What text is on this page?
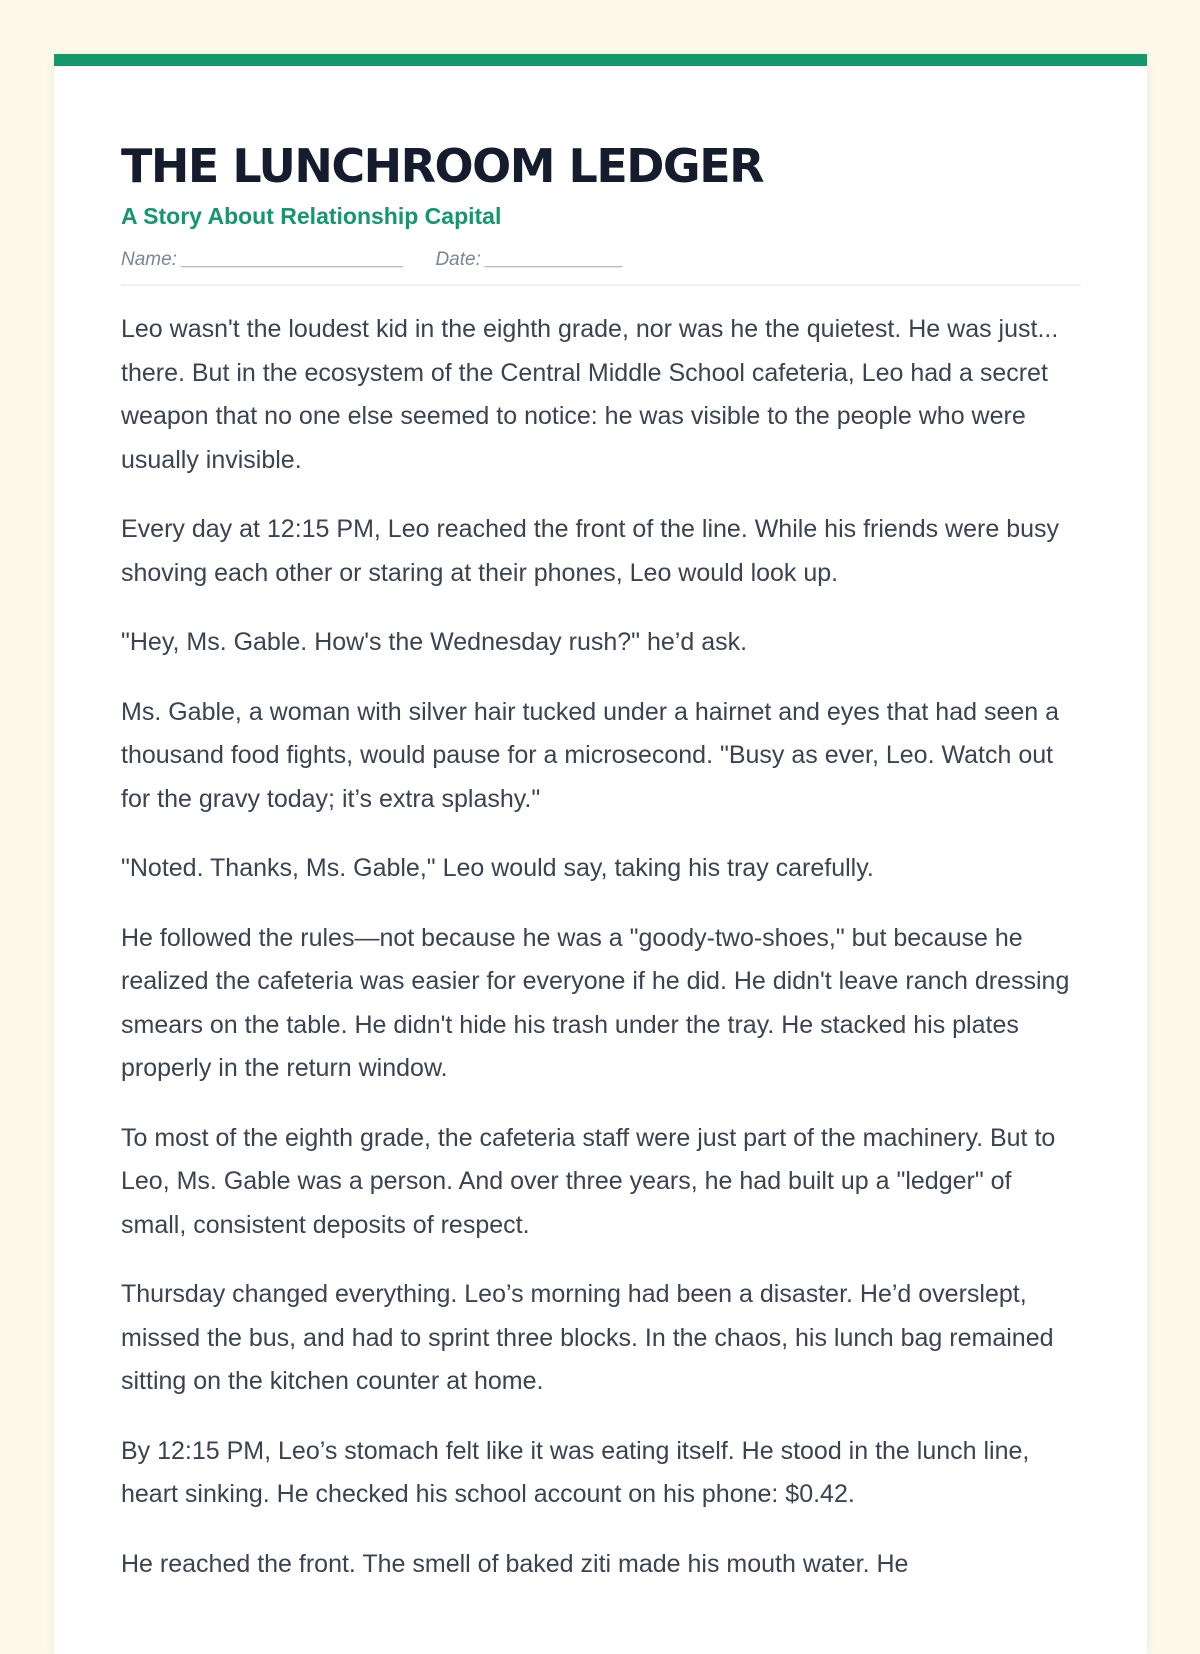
THE LUNCHROOM LEDGER
A Story About Relationship Capital
Name: _____________________ Date: _____________

Leo wasn't the loudest kid in the eighth grade, nor was he the quietest. He was just... there. But in the ecosystem of the Central Middle School cafeteria, Leo had a secret weapon that no one else seemed to notice: he was visible to the people who were usually invisible.

Every day at 12:15 PM, Leo reached the front of the line. While his friends were busy shoving each other or staring at their phones, Leo would look up.

"Hey, Ms. Gable. How's the Wednesday rush?" he’d ask.

Ms. Gable, a woman with silver hair tucked under a hairnet and eyes that had seen a thousand food fights, would pause for a microsecond. "Busy as ever, Leo. Watch out for the gravy today; it’s extra splashy."

"Noted. Thanks, Ms. Gable," Leo would say, taking his tray carefully.

He followed the rules—not because he was a "goody-two-shoes," but because he realized the cafeteria was easier for everyone if he did. He didn't leave ranch dressing smears on the table. He didn't hide his trash under the tray. He stacked his plates properly in the return window.

To most of the eighth grade, the cafeteria staff were just part of the machinery. But to Leo, Ms. Gable was a person. And over three years, he had built up a "ledger" of small, consistent deposits of respect.

Thursday changed everything. Leo’s morning had been a disaster. He’d overslept, missed the bus, and had to sprint three blocks. In the chaos, his lunch bag remained sitting on the kitchen counter at home.

By 12:15 PM, Leo’s stomach felt like it was eating itself. He stood in the lunch line, heart sinking. He checked his school account on his phone: $0.42.

He reached the front. The smell of baked ziti made his mouth water. He
